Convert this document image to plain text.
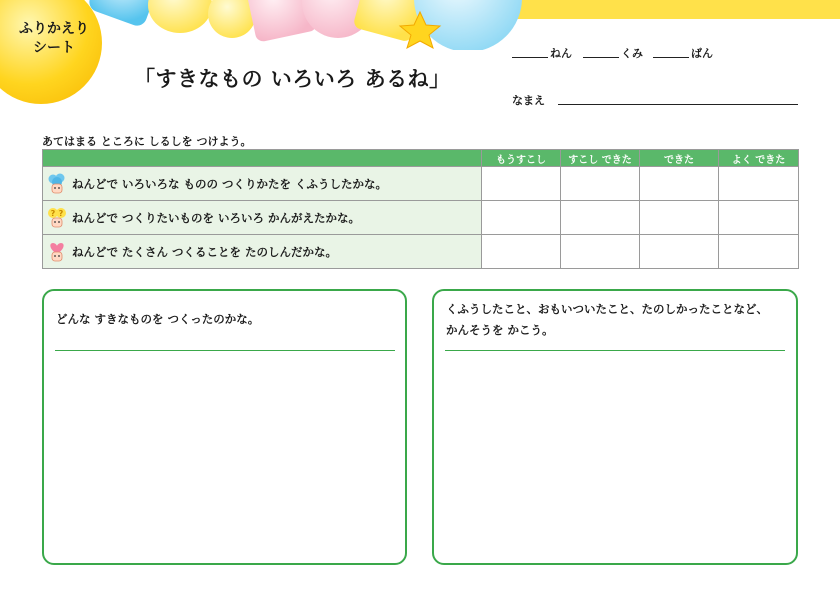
ふりかえり
シート
「すきなもの いろいろ あるね」
ねん	くみ	ばん
なまえ
あてはまる ところに しるしを つけよう。
	もうすこし	すこし できた	できた	よく できた

ねんどで いろいろな ものの つくりかたを くふうしたかな。				

? ? ねんどで つくりたいものを いろいろ かんがえたかな。				

ねんどで たくさん つくることを たのしんだかな。				

どんな すきなものを つくったのかな。
くふうしたこと、おもいついたこと、たのしかったことなど、
かんそうを かこう。
